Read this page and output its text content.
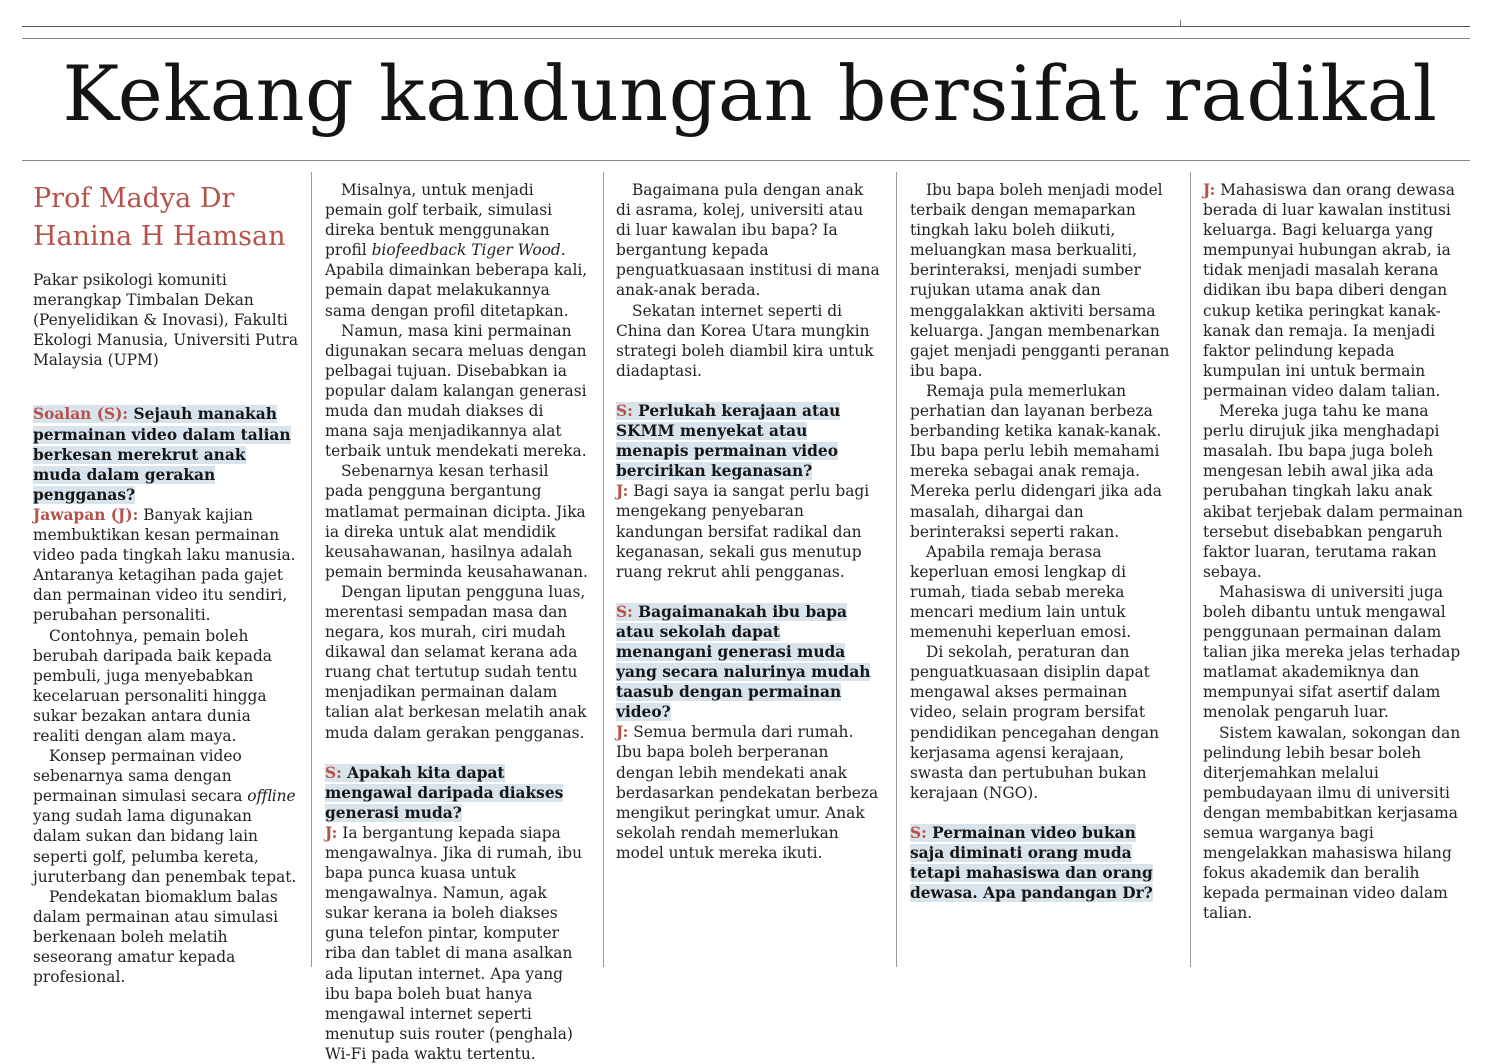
Kekang kandungan bersifat radikal
Prof Madya Dr
Hanina H Hamsan

Pakar psikologi komuniti merangkap Timbalan Dekan (Penyelidikan & Inovasi), Fakulti Ekologi Manusia, Universiti Putra Malaysia (UPM)

Soalan (S): Sejauh manakah permainan video dalam talian berkesan merekrut anak muda dalam gerakan pengganas?

Jawapan (J): Banyak kajian membuktikan kesan permainan video pada tingkah laku manusia. Antaranya ketagihan pada gajet dan permainan video itu sendiri, perubahan personaliti.

Contohnya, pemain boleh berubah daripada baik kepada pembuli, juga menyebabkan kecelaruan personaliti hingga sukar bezakan antara dunia realiti dengan alam maya.

Konsep permainan video sebenarnya sama dengan permainan simulasi secara offline yang sudah lama digunakan dalam sukan dan bidang lain seperti golf, pelumba kereta, juruterbang dan penembak tepat.

Pendekatan biomaklum balas dalam permainan atau simulasi berkenaan boleh melatih seseorang amatur kepada profesional.

Misalnya, untuk menjadi pemain golf terbaik, simulasi direka bentuk menggunakan profil biofeedback Tiger Wood. Apabila dimainkan beberapa kali, pemain dapat melakukannya sama dengan profil ditetapkan.

Namun, masa kini permainan digunakan secara meluas dengan pelbagai tujuan. Disebabkan ia popular dalam kalangan generasi muda dan mudah diakses di mana saja menjadikannya alat terbaik untuk mendekati mereka.

Sebenarnya kesan terhasil pada pengguna bergantung matlamat permainan dicipta. Jika ia direka untuk alat mendidik keusahawanan, hasilnya adalah pemain berminda keusahawanan.

Dengan liputan pengguna luas, merentasi sempadan masa dan negara, kos murah, ciri mudah dikawal dan selamat kerana ada ruang chat tertutup sudah tentu menjadikan permainan dalam talian alat berkesan melatih anak muda dalam gerakan pengganas.

S: Apakah kita dapat mengawal daripada diakses generasi muda?

J: Ia bergantung kepada siapa mengawalnya. Jika di rumah, ibu bapa punca kuasa untuk mengawalnya. Namun, agak sukar kerana ia boleh diakses guna telefon pintar, komputer riba dan tablet di mana asalkan ada liputan internet. Apa yang ibu bapa boleh buat hanya mengawal internet seperti menutup suis router (penghala) Wi-Fi pada waktu tertentu.

Bagaimana pula dengan anak di asrama, kolej, universiti atau di luar kawalan ibu bapa? Ia bergantung kepada penguatkuasaan institusi di mana anak-anak berada.

Sekatan internet seperti di China dan Korea Utara mungkin strategi boleh diambil kira untuk diadaptasi.

S: Perlukah kerajaan atau SKMM menyekat atau menapis permainan video bercirikan keganasan?

J: Bagi saya ia sangat perlu bagi mengekang penyebaran kandungan bersifat radikal dan keganasan, sekali gus menutup ruang rekrut ahli pengganas.

S: Bagaimanakah ibu bapa atau sekolah dapat menangani generasi muda yang secara nalurinya mudah taasub dengan permainan video?

J: Semua bermula dari rumah. Ibu bapa boleh berperanan dengan lebih mendekati anak berdasarkan pendekatan berbeza mengikut peringkat umur. Anak sekolah rendah memerlukan model untuk mereka ikuti.

Ibu bapa boleh menjadi model terbaik dengan memaparkan tingkah laku boleh diikuti, meluangkan masa berkualiti, berinteraksi, menjadi sumber rujukan utama anak dan menggalakkan aktiviti bersama keluarga. Jangan membenarkan gajet menjadi pengganti peranan ibu bapa.

Remaja pula memerlukan perhatian dan layanan berbeza berbanding ketika kanak-kanak. Ibu bapa perlu lebih memahami mereka sebagai anak remaja. Mereka perlu didengari jika ada masalah, dihargai dan berinteraksi seperti rakan.

Apabila remaja berasa keperluan emosi lengkap di rumah, tiada sebab mereka mencari medium lain untuk memenuhi keperluan emosi.

Di sekolah, peraturan dan penguatkuasaan disiplin dapat mengawal akses permainan video, selain program bersifat pendidikan pencegahan dengan kerjasama agensi kerajaan, swasta dan pertubuhan bukan kerajaan (NGO).

S: Permainan video bukan saja diminati orang muda tetapi mahasiswa dan orang dewasa. Apa pandangan Dr?

J: Mahasiswa dan orang dewasa berada di luar kawalan institusi keluarga. Bagi keluarga yang mempunyai hubungan akrab, ia tidak menjadi masalah kerana didikan ibu bapa diberi dengan cukup ketika peringkat kanak-kanak dan remaja. Ia menjadi faktor pelindung kepada kumpulan ini untuk bermain permainan video dalam talian.

Mereka juga tahu ke mana perlu dirujuk jika menghadapi masalah. Ibu bapa juga boleh mengesan lebih awal jika ada perubahan tingkah laku anak akibat terjebak dalam permainan tersebut disebabkan pengaruh faktor luaran, terutama rakan sebaya.

Mahasiswa di universiti juga boleh dibantu untuk mengawal penggunaan permainan dalam talian jika mereka jelas terhadap matlamat akademiknya dan mempunyai sifat asertif dalam menolak pengaruh luar.

Sistem kawalan, sokongan dan pelindung lebih besar boleh diterjemahkan melalui pembudayaan ilmu di universiti dengan membabitkan kerjasama semua warganya bagi mengelakkan mahasiswa hilang fokus akademik dan beralih kepada permainan video dalam talian.
